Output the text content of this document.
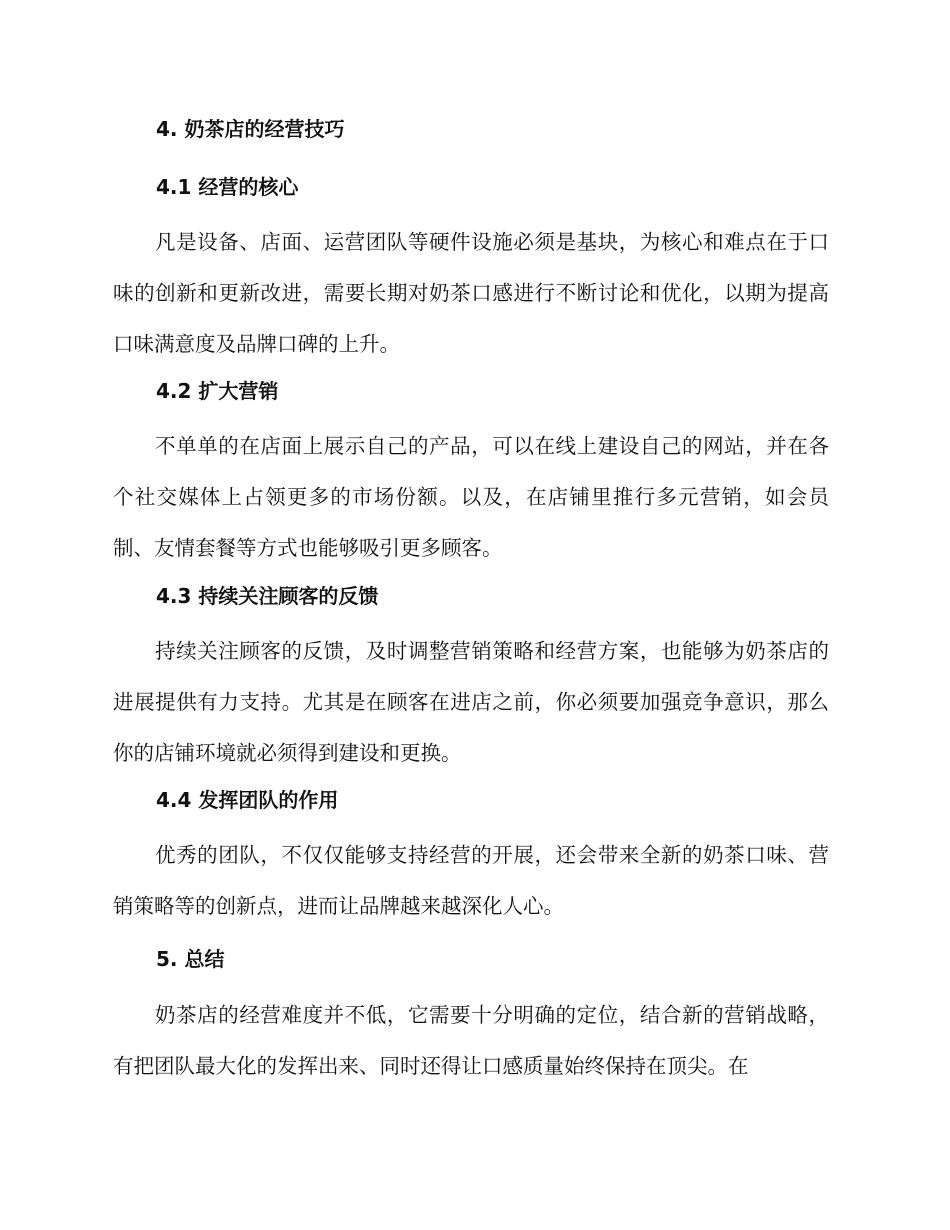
4. 奶茶店的经营技巧
4.1 经营的核心

凡是设备、店面、运营团队等硬件设施必须是基块，为核心和难点在于口味的创新和更新改进，需要长期对奶茶口感进行不断讨论和优化，以期为提高口味满意度及品牌口碑的上升。

4.2 扩大营销

不单单的在店面上展示自己的产品，可以在线上建设自己的网站，并在各个社交媒体上占领更多的市场份额。以及，在店铺里推行多元营销，如会员制、友情套餐等方式也能够吸引更多顾客。

4.3 持续关注顾客的反馈

持续关注顾客的反馈，及时调整营销策略和经营方案，也能够为奶茶店的进展提供有力支持。尤其是在顾客在进店之前，你必须要加强竞争意识，那么你的店铺环境就必须得到建设和更换。

4.4 发挥团队的作用

优秀的团队，不仅仅能够支持经营的开展，还会带来全新的奶茶口味、营销策略等的创新点，进而让品牌越来越深化人心。

5. 总结

奶茶店的经营难度并不低，它需要十分明确的定位，结合新的营销战略，有把团队最大化的发挥出来、同时还得让口感质量始终保持在顶尖。在
